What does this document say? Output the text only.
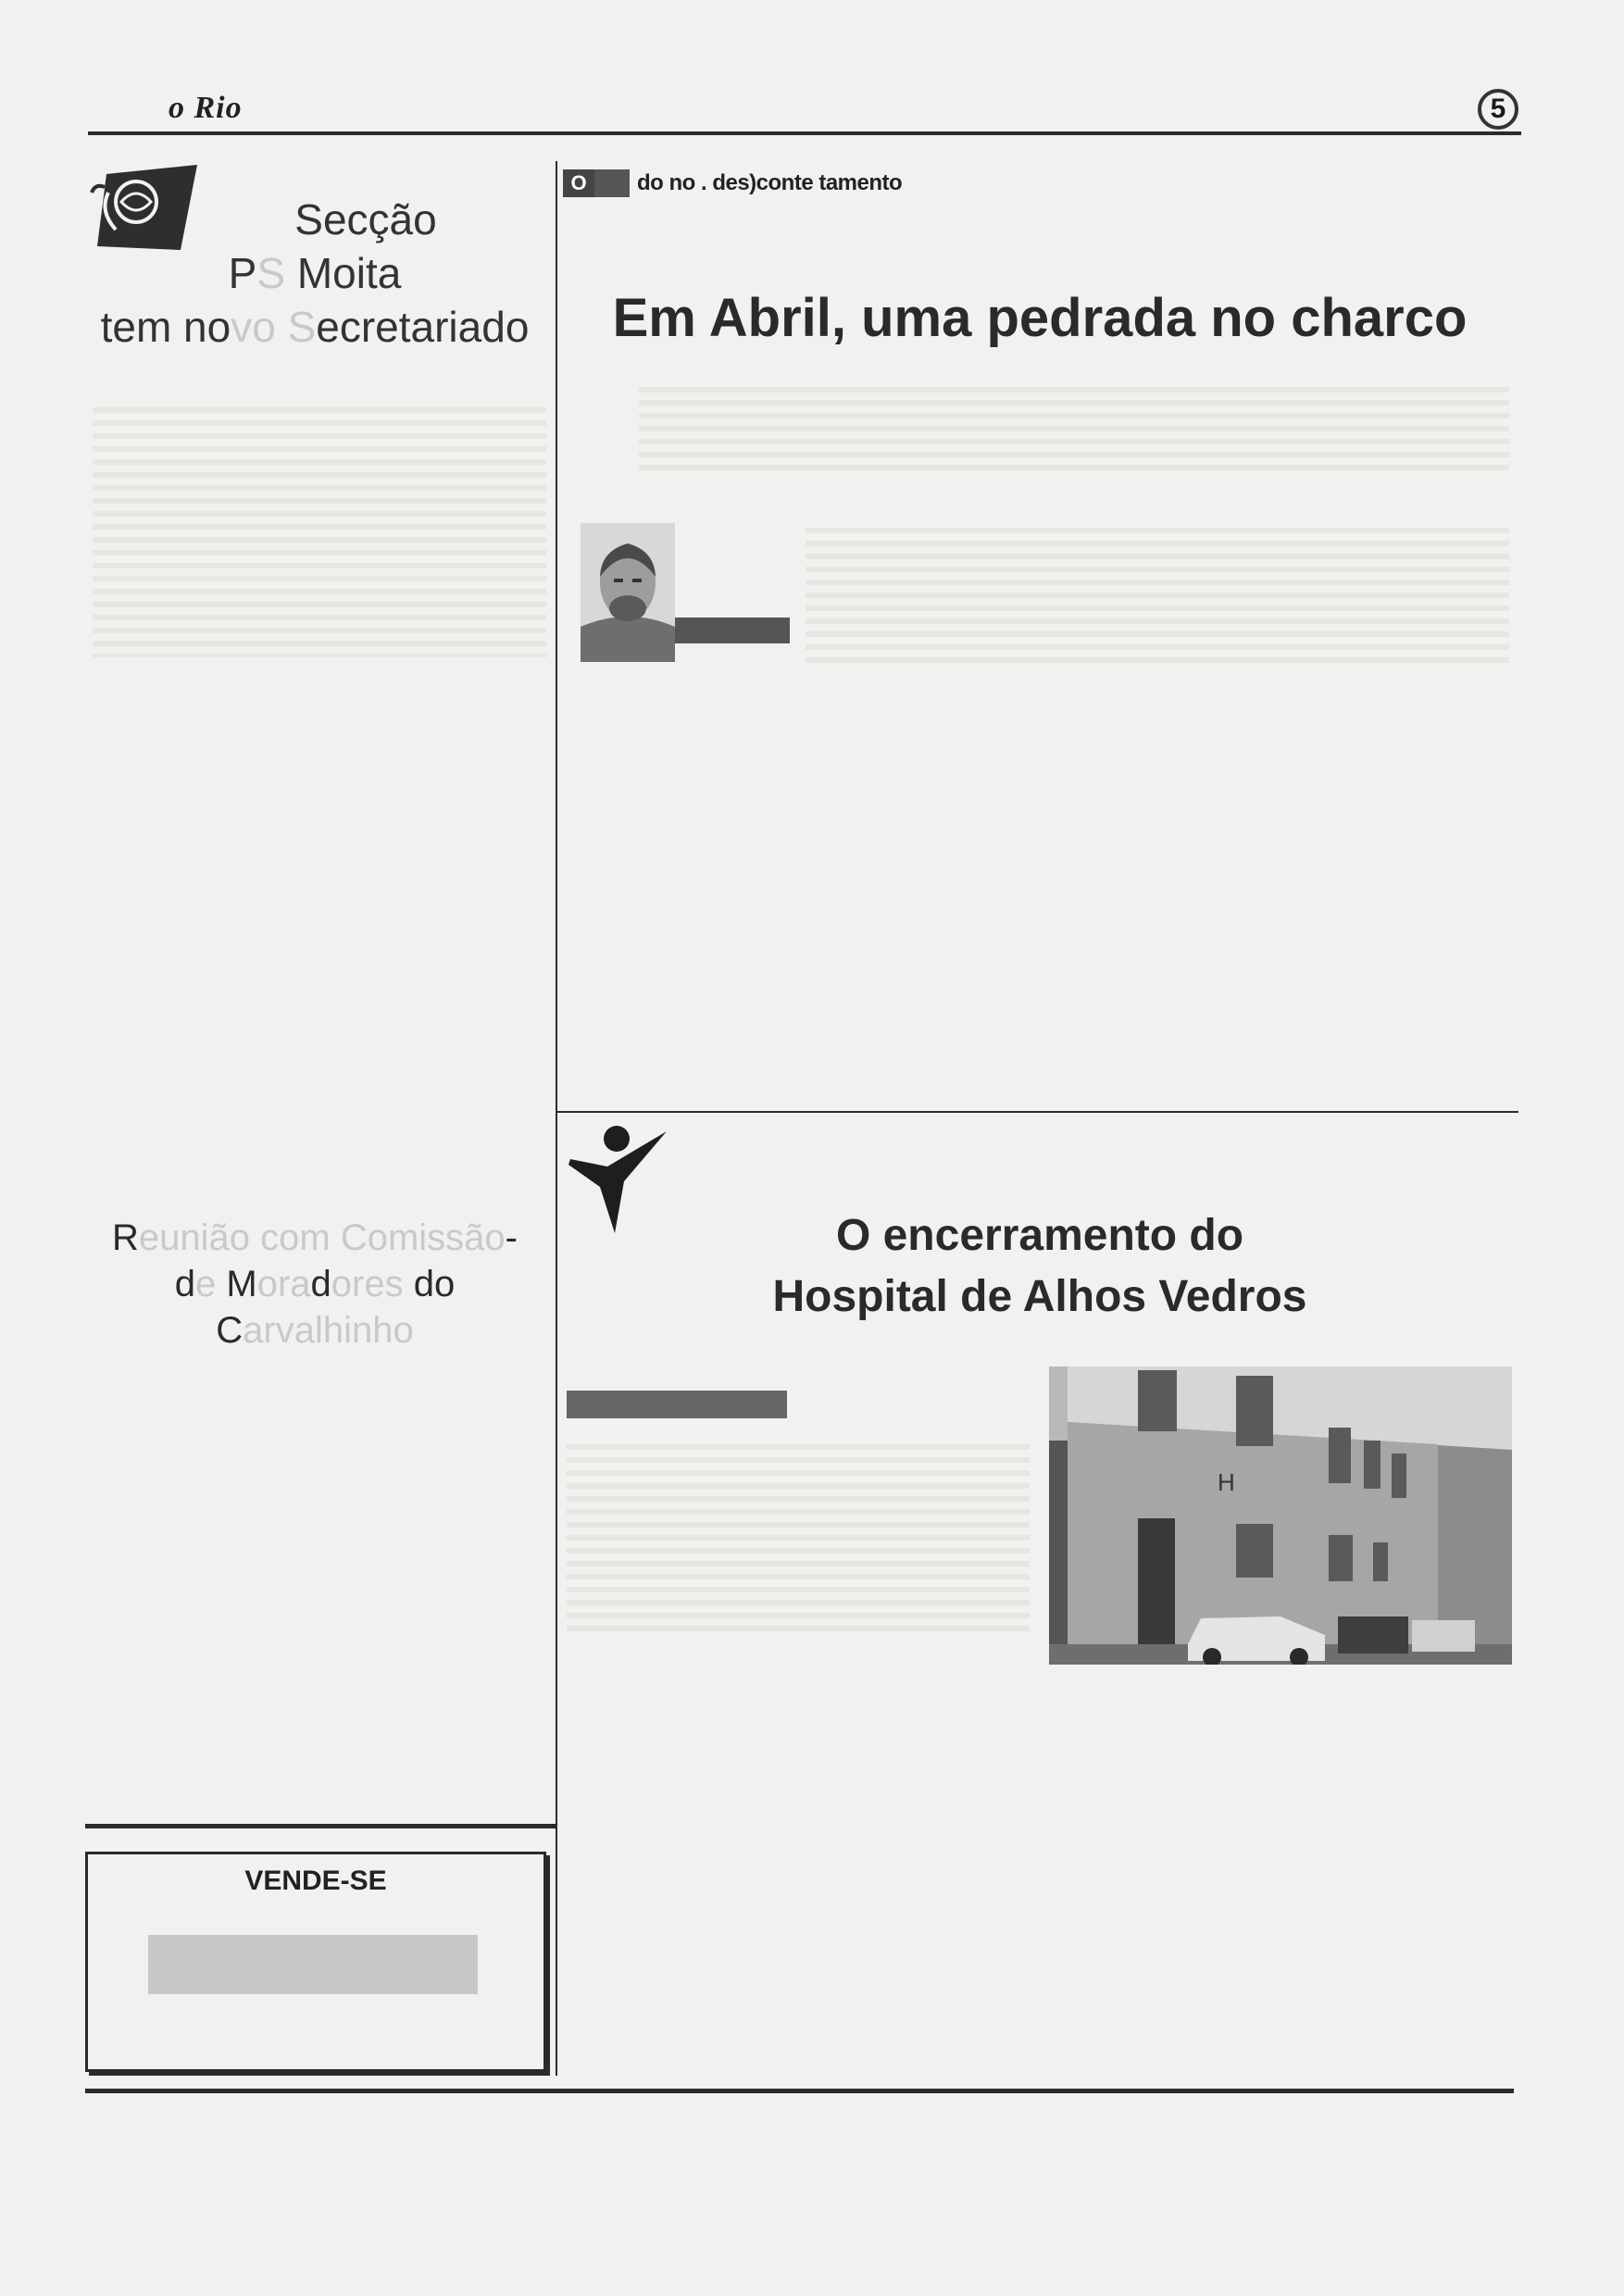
o Rio	5
Secção
PS Moita
tem novo Secretariado
O	do no . des)conte tamento
Em Abril, uma pedrada no charco
Reunião com Comissão-
de Moradores do
Carvalhinho
O encerramento do
Hospital de Alhos Vedros
H
VENDE-SE
